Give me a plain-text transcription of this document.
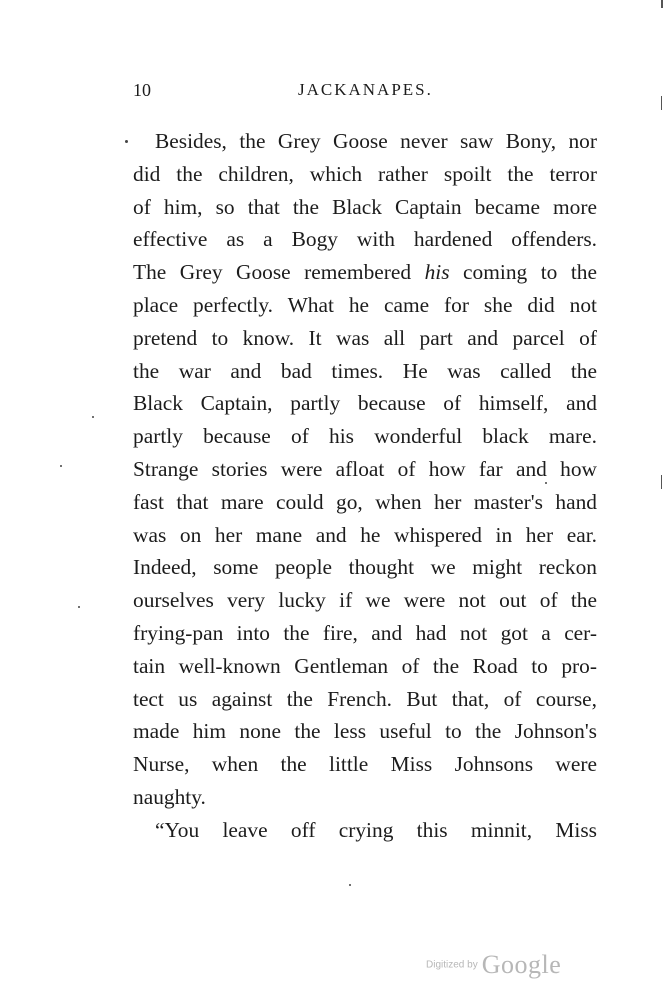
10	JACKANAPES.
Besides, the Grey Goose never saw Bony, nor
did the children, which rather spoilt the terror
of him, so that the Black Captain became more
effective as a Bogy with hardened offenders.
The Grey Goose remembered his coming to the
place perfectly. What he came for she did not
pretend to know. It was all part and parcel of
the war and bad times. He was called the
Black Captain, partly because of himself, and
partly because of his wonderful black mare.
Strange stories were afloat of how far and how
fast that mare could go, when her master's hand
was on her mane and he whispered in her ear.
Indeed, some people thought we might reckon
ourselves very lucky if we were not out of the
frying-pan into the fire, and had not got a cer-
tain well-known Gentleman of the Road to pro-
tect us against the French. But that, of course,
made him none the less useful to the Johnson's
Nurse, when the little Miss Johnsons were
naughty.
“You leave off crying this minnit, Miss
Digitized by Google
